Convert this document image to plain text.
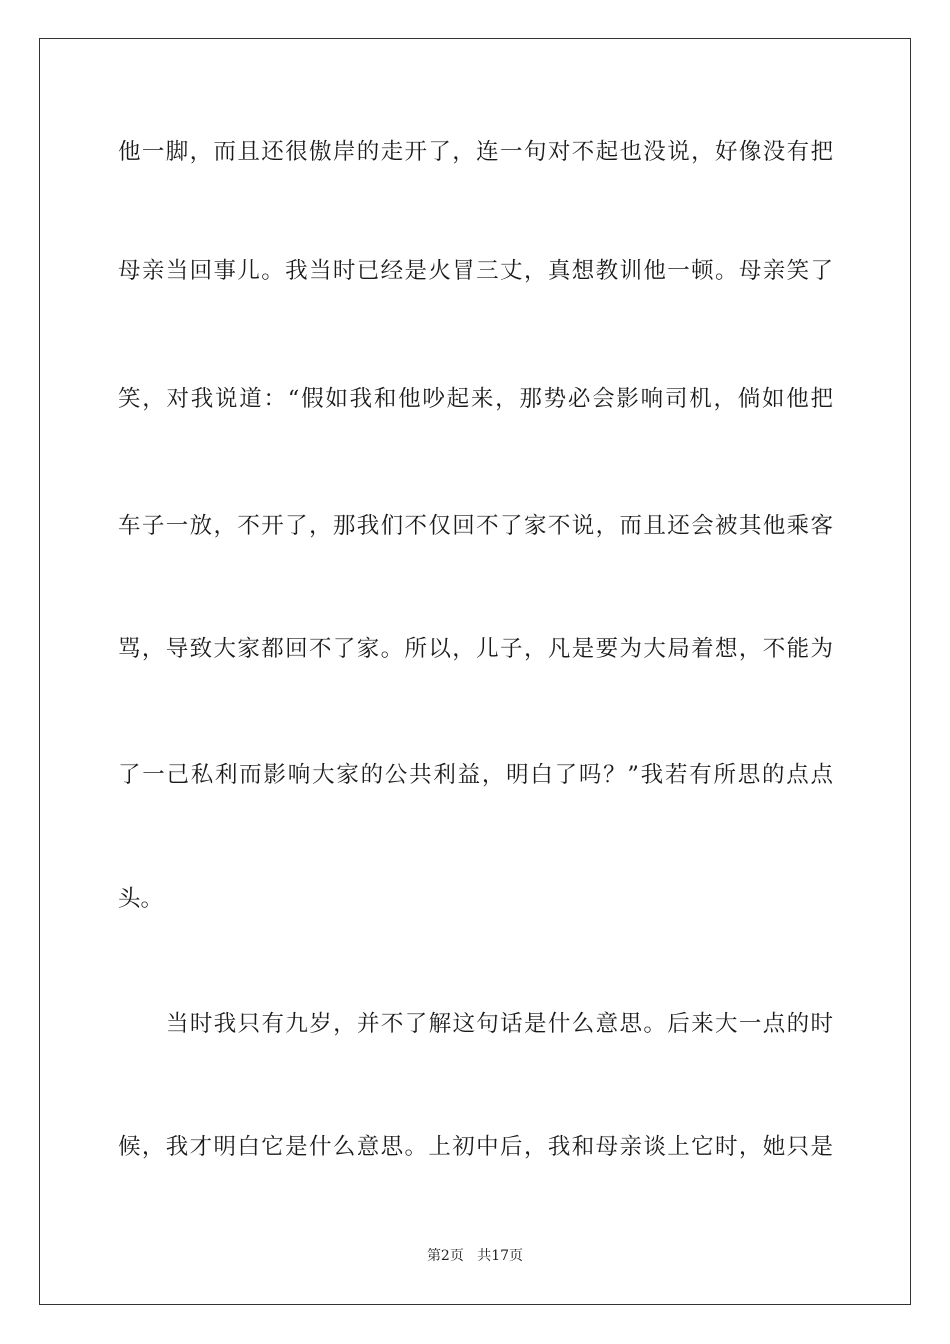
他一脚，而且还很傲岸的走开了，连一句对不起也没说，好像没有把
母亲当回事儿。我当时已经是火冒三丈，真想教训他一顿。母亲笑了
笑，对我说道：“假如我和他吵起来，那势必会影响司机，倘如他把
车子一放，不开了，那我们不仅回不了家不说，而且还会被其他乘客
骂，导致大家都回不了家。所以，儿子，凡是要为大局着想，不能为
了一己私利而影响大家的公共利益，明白了吗？”我若有所思的点点
头。
当时我只有九岁，并不了解这句话是什么意思。后来大一点的时
候，我才明白它是什么意思。上初中后，我和母亲谈上它时，她只是
第2页 共17页
